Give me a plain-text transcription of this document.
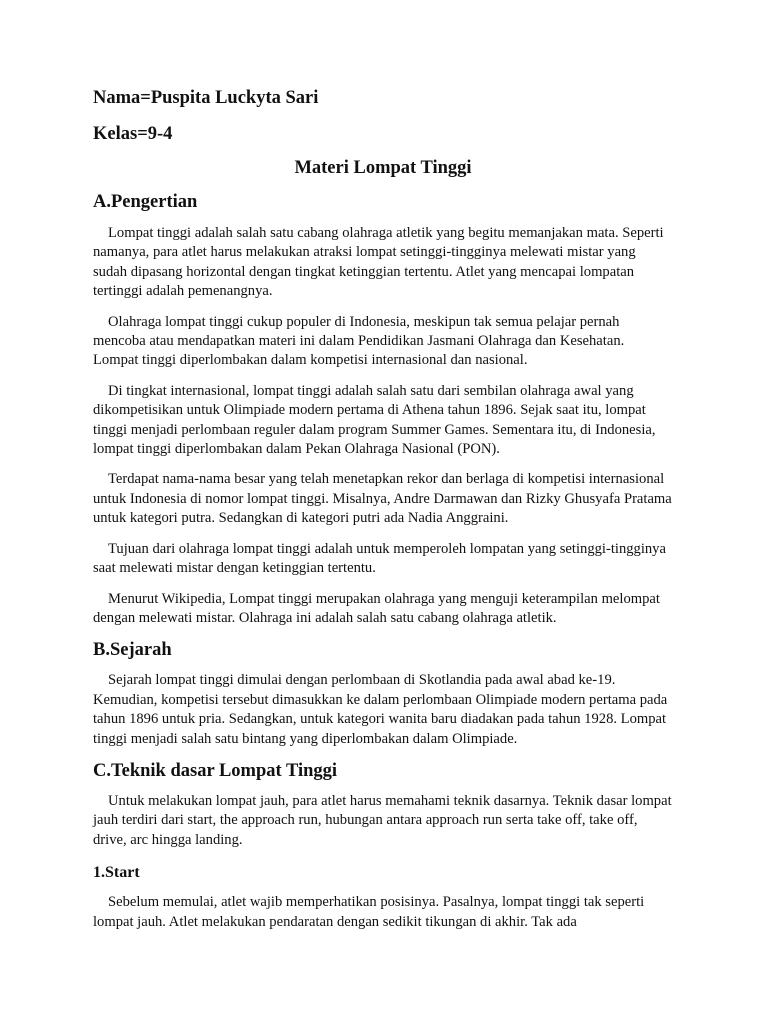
Nama=Puspita Luckyta Sari

Kelas=9-4

Materi Lompat Tinggi

A.Pengertian

Lompat tinggi adalah salah satu cabang olahraga atletik yang begitu memanjakan mata. Seperti namanya, para atlet harus melakukan atraksi lompat setinggi-tingginya melewati mistar yang sudah dipasang horizontal dengan tingkat ketinggian tertentu. Atlet yang mencapai lompatan tertinggi adalah pemenangnya.

Olahraga lompat tinggi cukup populer di Indonesia, meskipun tak semua pelajar pernah mencoba atau mendapatkan materi ini dalam Pendidikan Jasmani Olahraga dan Kesehatan. Lompat tinggi diperlombakan dalam kompetisi internasional dan nasional.

Di tingkat internasional, lompat tinggi adalah salah satu dari sembilan olahraga awal yang dikompetisikan untuk Olimpiade modern pertama di Athena tahun 1896. Sejak saat itu, lompat tinggi menjadi perlombaan reguler dalam program Summer Games. Sementara itu, di Indonesia, lompat tinggi diperlombakan dalam Pekan Olahraga Nasional (PON).

Terdapat nama-nama besar yang telah menetapkan rekor dan berlaga di kompetisi internasional untuk Indonesia di nomor lompat tinggi. Misalnya, Andre Darmawan dan Rizky Ghusyafa Pratama untuk kategori putra. Sedangkan di kategori putri ada Nadia Anggraini.

Tujuan dari olahraga lompat tinggi adalah untuk memperoleh lompatan yang setinggi-tingginya saat melewati mistar dengan ketinggian tertentu.

Menurut Wikipedia, Lompat tinggi merupakan olahraga yang menguji keterampilan melompat dengan melewati mistar. Olahraga ini adalah salah satu cabang olahraga atletik.

B.Sejarah

Sejarah lompat tinggi dimulai dengan perlombaan di Skotlandia pada awal abad ke-19. Kemudian, kompetisi tersebut dimasukkan ke dalam perlombaan Olimpiade modern pertama pada tahun 1896 untuk pria. Sedangkan, untuk kategori wanita baru diadakan pada tahun 1928. Lompat tinggi menjadi salah satu bintang yang diperlombakan dalam Olimpiade.

C.Teknik dasar Lompat Tinggi

Untuk melakukan lompat jauh, para atlet harus memahami teknik dasarnya. Teknik dasar lompat jauh terdiri dari start, the approach run, hubungan antara approach run serta take off, take off, drive, arc hingga landing.

1.Start

Sebelum memulai, atlet wajib memperhatikan posisinya. Pasalnya, lompat tinggi tak seperti lompat jauh. Atlet melakukan pendaratan dengan sedikit tikungan di akhir. Tak ada
